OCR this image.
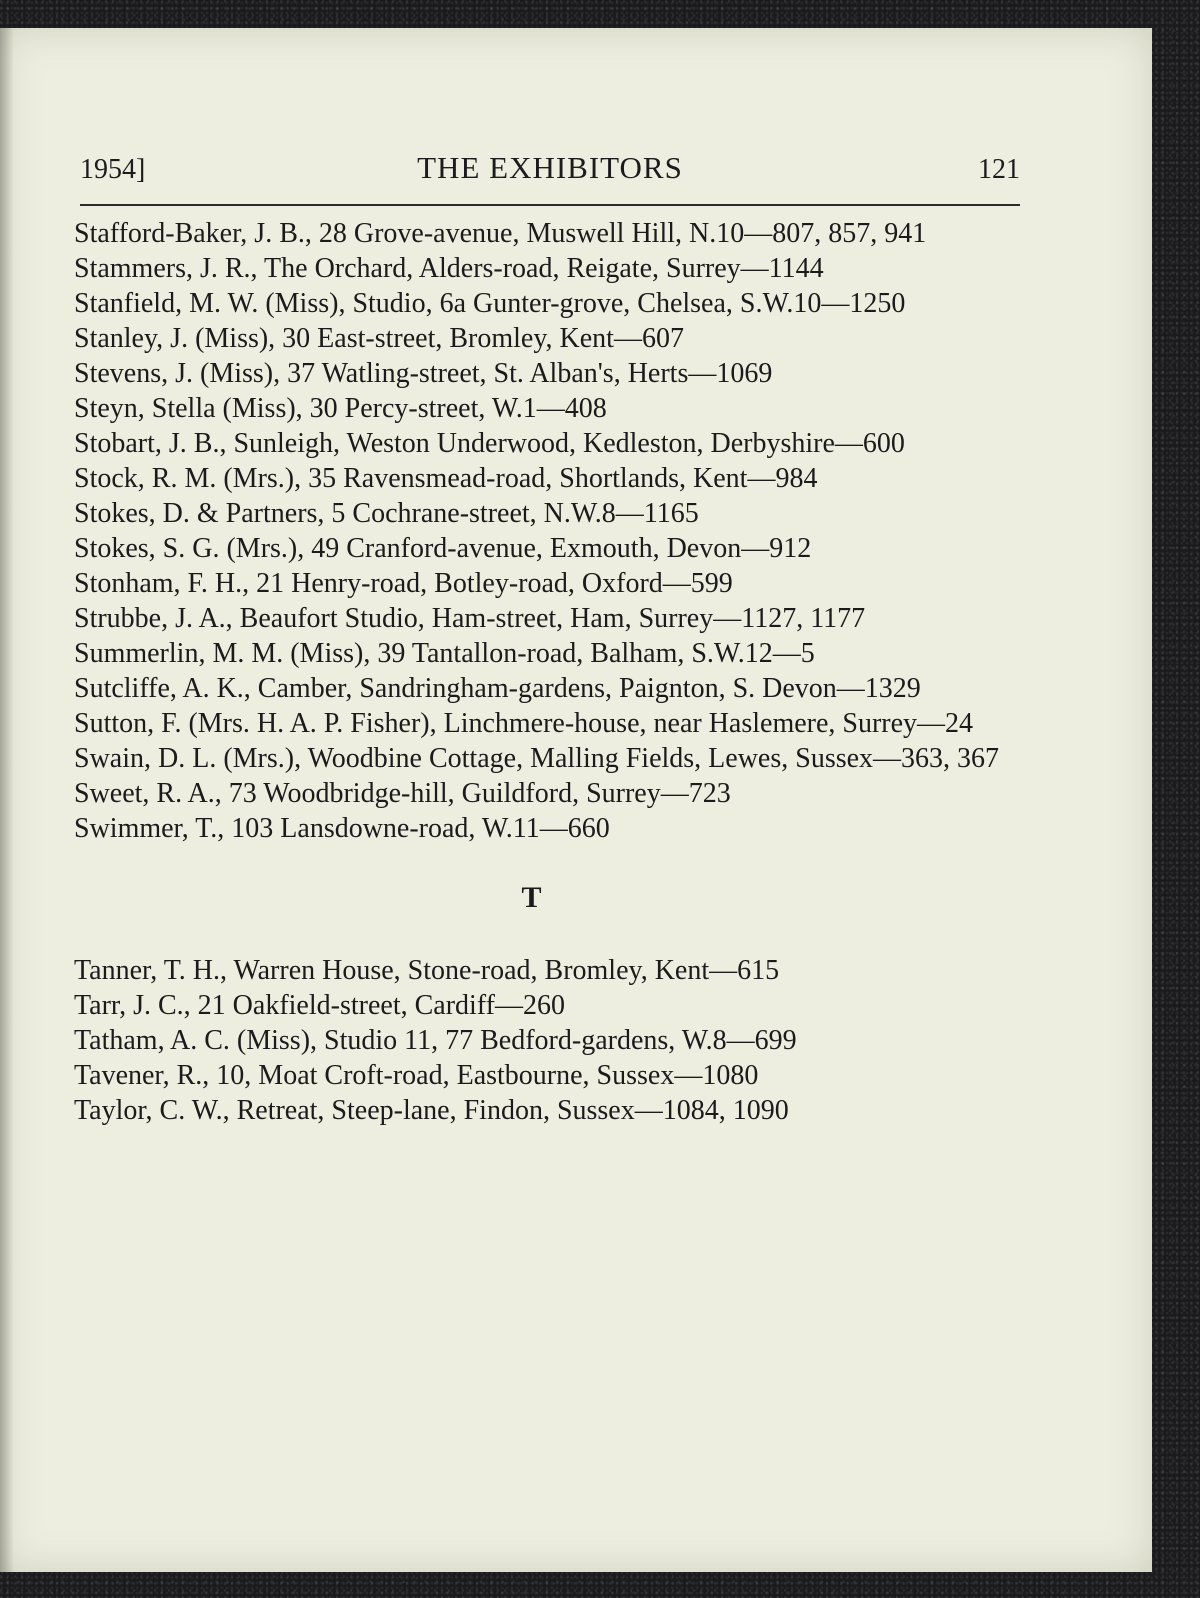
1954]	THE EXHIBITORS	121

Stafford-Baker, J. B., 28 Grove-avenue, Muswell Hill, N.10—807, 857, 941

Stammers, J. R., The Orchard, Alders-road, Reigate, Surrey—1144

Stanfield, M. W. (Miss), Studio, 6a Gunter-grove, Chelsea, S.W.10—1250

Stanley, J. (Miss), 30 East-street, Bromley, Kent—607

Stevens, J. (Miss), 37 Watling-street, St. Alban's, Herts—1069

Steyn, Stella (Miss), 30 Percy-street, W.1—408

Stobart, J. B., Sunleigh, Weston Underwood, Kedleston, Derbyshire—600

Stock, R. M. (Mrs.), 35 Ravensmead-road, Shortlands, Kent—984

Stokes, D. & Partners, 5 Cochrane-street, N.W.8—1165

Stokes, S. G. (Mrs.), 49 Cranford-avenue, Exmouth, Devon—912

Stonham, F. H., 21 Henry-road, Botley-road, Oxford—599

Strubbe, J. A., Beaufort Studio, Ham-street, Ham, Surrey—1127, 1177

Summerlin, M. M. (Miss), 39 Tantallon-road, Balham, S.W.12—5

Sutcliffe, A. K., Camber, Sandringham-gardens, Paignton, S. Devon—1329

Sutton, F. (Mrs. H. A. P. Fisher), Linchmere-house, near Haslemere, Surrey—24

Swain, D. L. (Mrs.), Woodbine Cottage, Malling Fields, Lewes, Sussex—363, 367

Sweet, R. A., 73 Woodbridge-hill, Guildford, Surrey—723

Swimmer, T., 103 Lansdowne-road, W.11—660

T

Tanner, T. H., Warren House, Stone-road, Bromley, Kent—615

Tarr, J. C., 21 Oakfield-street, Cardiff—260

Tatham, A. C. (Miss), Studio 11, 77 Bedford-gardens, W.8—699

Tavener, R., 10, Moat Croft-road, Eastbourne, Sussex—1080

Taylor, C. W., Retreat, Steep-lane, Findon, Sussex—1084, 1090
